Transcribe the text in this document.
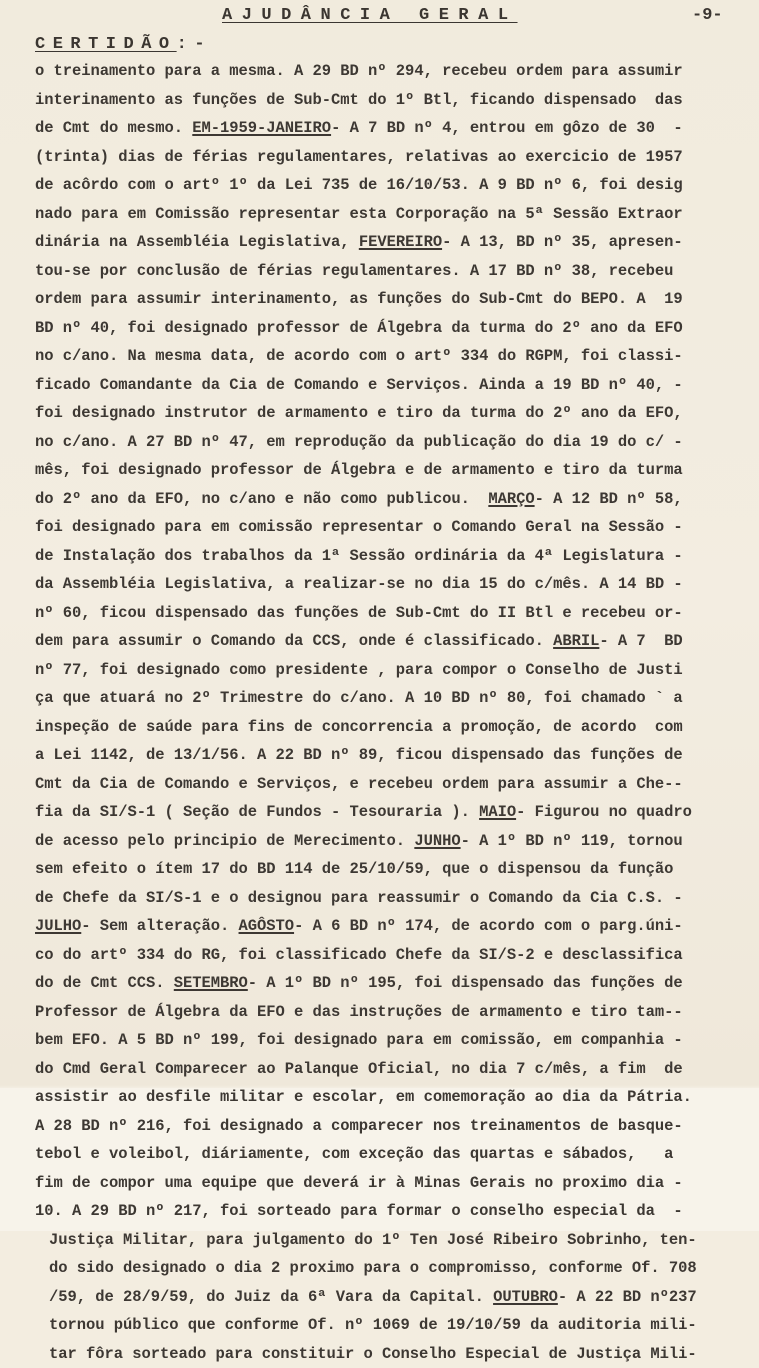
AJUDÂNCIA GERAL	-9-
CERTIDÃO:-
o treinamento para a mesma. A 29 BD nº 294, recebeu ordem para assumir
interinamento as funções de Sub-Cmt do 1º Btl, ficando dispensado  das
de Cmt do mesmo. EM-1959-JANEIRO- A 7 BD nº 4, entrou em gôzo de 30  -
(trinta) dias de férias regulamentares, relativas ao exercicio de 1957
de acôrdo com o artº 1º da Lei 735 de 16/10/53. A 9 BD nº 6, foi desig
nado para em Comissão representar esta Corporação na 5ª Sessão Extraor
dinária na Assembléia Legislativa, FEVEREIRO- A 13, BD nº 35, apresen-
tou-se por conclusão de férias regulamentares. A 17 BD nº 38, recebeu
ordem para assumir interinamento, as funções do Sub-Cmt do BEPO. A  19
BD nº 40, foi designado professor de Álgebra da turma do 2º ano da EFO
no c/ano. Na mesma data, de acordo com o artº 334 do RGPM, foi classi-
ficado Comandante da Cia de Comando e Serviços. Ainda a 19 BD nº 40, -
foi designado instrutor de armamento e tiro da turma do 2º ano da EFO,
no c/ano. A 27 BD nº 47, em reprodução da publicação do dia 19 do c/ -
mês, foi designado professor de Álgebra e de armamento e tiro da turma
do 2º ano da EFO, no c/ano e não como publicou.  MARÇO- A 12 BD nº 58,
foi designado para em comissão representar o Comando Geral na Sessão -
de Instalação dos trabalhos da 1ª Sessão ordinária da 4ª Legislatura -
da Assembléia Legislativa, a realizar-se no dia 15 do c/mês. A 14 BD -
nº 60, ficou dispensado das funções de Sub-Cmt do II Btl e recebeu or-
dem para assumir o Comando da CCS, onde é classificado. ABRIL- A 7  BD
nº 77, foi designado como presidente , para compor o Conselho de Justi
ça que atuará no 2º Trimestre do c/ano. A 10 BD nº 80, foi chamado ` a
inspeção de saúde para fins de concorrencia a promoção, de acordo  com
a Lei 1142, de 13/1/56. A 22 BD nº 89, ficou dispensado das funções de
Cmt da Cia de Comando e Serviços, e recebeu ordem para assumir a Che--
fia da SI/S-1 ( Seção de Fundos - Tesouraria ). MAIO- Figurou no quadro
de acesso pelo principio de Merecimento. JUNHO- A 1º BD nº 119, tornou
sem efeito o ítem 17 do BD 114 de 25/10/59, que o dispensou da função
de Chefe da SI/S-1 e o designou para reassumir o Comando da Cia C.S. -
JULHO- Sem alteração. AGÔSTO- A 6 BD nº 174, de acordo com o parg.úni-
co do artº 334 do RG, foi classificado Chefe da SI/S-2 e desclassifica
do de Cmt CCS. SETEMBRO- A 1º BD nº 195, foi dispensado das funções de
Professor de Álgebra da EFO e das instruções de armamento e tiro tam--
bem EFO. A 5 BD nº 199, foi designado para em comissão, em companhia -
do Cmd Geral Comparecer ao Palanque Oficial, no dia 7 c/mês, a fim  de
assistir ao desfile militar e escolar, em comemoração ao dia da Pátria.
A 28 BD nº 216, foi designado a comparecer nos treinamentos de basque-
tebol e voleibol, diáriamente, com exceção das quartas e sábados,   a
fim de compor uma equipe que deverá ir à Minas Gerais no proximo dia -
10. A 29 BD nº 217, foi sorteado para formar o conselho especial da  -
Justiça Militar, para julgamento do 1º Ten José Ribeiro Sobrinho, ten-
do sido designado o dia 2 proximo para o compromisso, conforme Of. 708
/59, de 28/9/59, do Juiz da 6ª Vara da Capital. OUTUBRO- A 22 BD nº237
tornou público que conforme Of. nº 1069 de 19/10/59 da auditoria mili-
tar fôra sorteado para constituir o Conselho Especial de Justiça Mili-
